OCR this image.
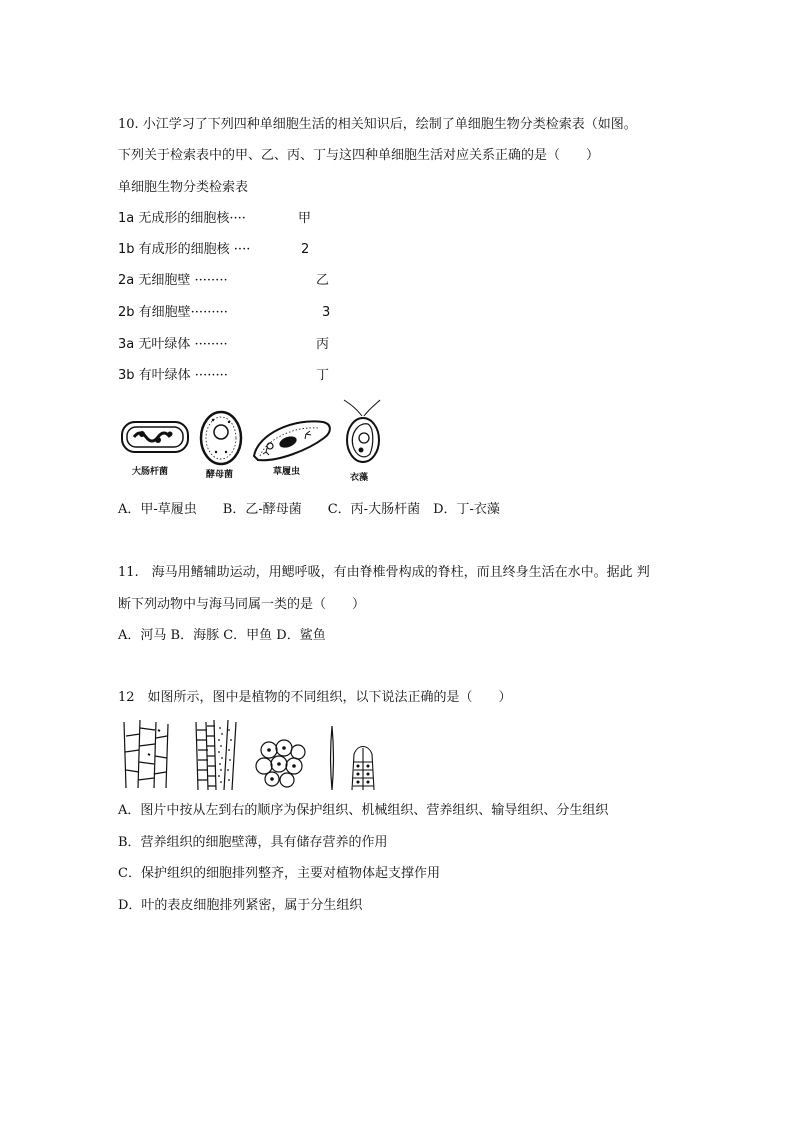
10. 小江学习了下列四种单细胞生活的相关知识后，绘制了单细胞生物分类检索表（如图。
下列关于检索表中的甲、乙、丙、丁与这四种单细胞生活对应关系正确的是（　　）
单细胞生物分类检索表
1a 无成形的细胞核····	甲
1b 有成形的细胞核 ····	2
2a 无细胞壁 ········	乙
2b 有细胞壁·········	3
3a 无叶绿体 ········	丙
3b 有叶绿体 ········	丁
大肠杆菌	酵母菌	草履虫
衣藻
A．甲-草履虫　　B．乙-酵母菌　　C．丙-大肠杆菌　D．丁-衣藻
11.　海马用鳍辅助运动，用鳃呼吸，有由脊椎骨构成的脊柱，而且终身生活在水中。据此 判
断下列动物中与海马同属一类的是（　　）
A．河马 B．海豚 C．甲鱼 D．鲨鱼
12　如图所示，图中是植物的不同组织，以下说法正确的是（　　）
A．图片中按从左到右的顺序为保护组织、机械组织、营养组织、输导组织、分生组织
B．营养组织的细胞壁薄，具有储存营养的作用
C．保护组织的细胞排列整齐，主要对植物体起支撑作用
D．叶的表皮细胞排列紧密，属于分生组织
